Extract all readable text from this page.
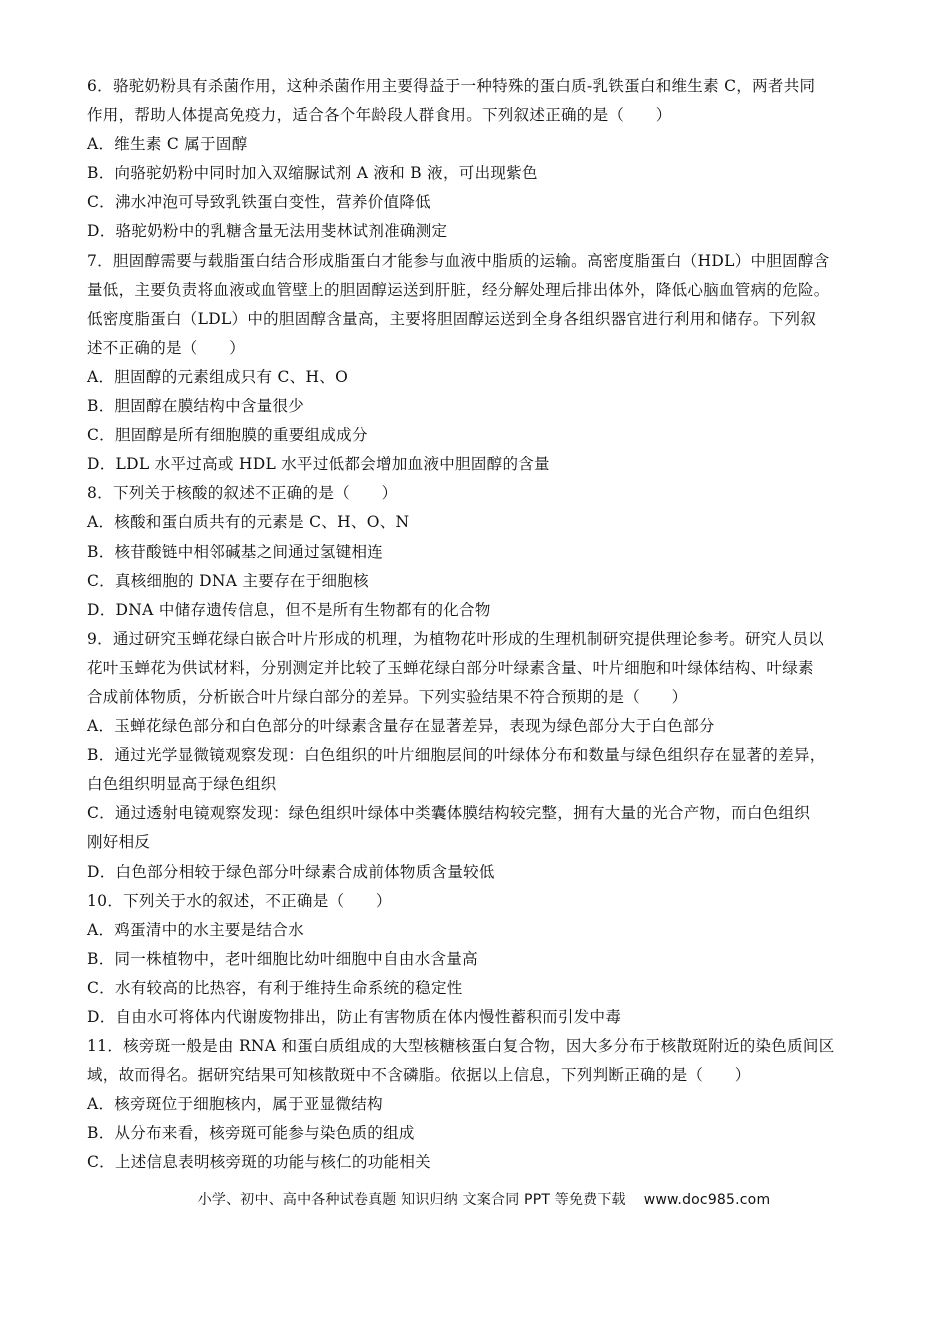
6．骆驼奶粉具有杀菌作用，这种杀菌作用主要得益于一种特殊的蛋白质-乳铁蛋白和维生素 C，两者共同
作用，帮助人体提高免疫力，适合各个年龄段人群食用。下列叙述正确的是（　　）
A．维生素 C 属于固醇
B．向骆驼奶粉中同时加入双缩脲试剂 A 液和 B 液，可出现紫色
C．沸水冲泡可导致乳铁蛋白变性，营养价值降低
D．骆驼奶粉中的乳糖含量无法用斐林试剂准确测定
7．胆固醇需要与载脂蛋白结合形成脂蛋白才能参与血液中脂质的运输。高密度脂蛋白（HDL）中胆固醇含
量低，主要负责将血液或血管壁上的胆固醇运送到肝脏，经分解处理后排出体外，降低心脑血管病的危险。
低密度脂蛋白（LDL）中的胆固醇含量高，主要将胆固醇运送到全身各组织器官进行利用和储存。下列叙
述不正确的是（　　）
A．胆固醇的元素组成只有 C、H、O
B．胆固醇在膜结构中含量很少
C．胆固醇是所有细胞膜的重要组成成分
D．LDL 水平过高或 HDL 水平过低都会增加血液中胆固醇的含量
8．下列关于核酸的叙述不正确的是（　　）
A．核酸和蛋白质共有的元素是 C、H、O、N
B．核苷酸链中相邻碱基之间通过氢键相连
C．真核细胞的 DNA 主要存在于细胞核
D．DNA 中储存遗传信息，但不是所有生物都有的化合物
9．通过研究玉蝉花绿白嵌合叶片形成的机理，为植物花叶形成的生理机制研究提供理论参考。研究人员以
花叶玉蝉花为供试材料，分别测定并比较了玉蝉花绿白部分叶绿素含量、叶片细胞和叶绿体结构、叶绿素
合成前体物质，分析嵌合叶片绿白部分的差异。下列实验结果不符合预期的是（　　）
A．玉蝉花绿色部分和白色部分的叶绿素含量存在显著差异，表现为绿色部分大于白色部分
B．通过光学显微镜观察发现：白色组织的叶片细胞层间的叶绿体分布和数量与绿色组织存在显著的差异，
白色组织明显高于绿色组织
C．通过透射电镜观察发现：绿色组织叶绿体中类囊体膜结构较完整，拥有大量的光合产物，而白色组织
刚好相反
D．白色部分相较于绿色部分叶绿素合成前体物质含量较低
10．下列关于水的叙述，不正确是（　　）
A．鸡蛋清中的水主要是结合水
B．同一株植物中，老叶细胞比幼叶细胞中自由水含量高
C．水有较高的比热容，有利于维持生命系统的稳定性
D．自由水可将体内代谢废物排出，防止有害物质在体内慢性蓄积而引发中毒
11．核旁斑一般是由 RNA 和蛋白质组成的大型核糖核蛋白复合物，因大多分布于核散斑附近的染色质间区
域，故而得名。据研究结果可知核散斑中不含磷脂。依据以上信息，下列判断正确的是（　　）
A．核旁斑位于细胞核内，属于亚显微结构
B．从分布来看，核旁斑可能参与染色质的组成
C．上述信息表明核旁斑的功能与核仁的功能相关
小学、初中、高中各种试卷真题 知识归纳 文案合同 PPT 等免费下载 www.doc985.com
